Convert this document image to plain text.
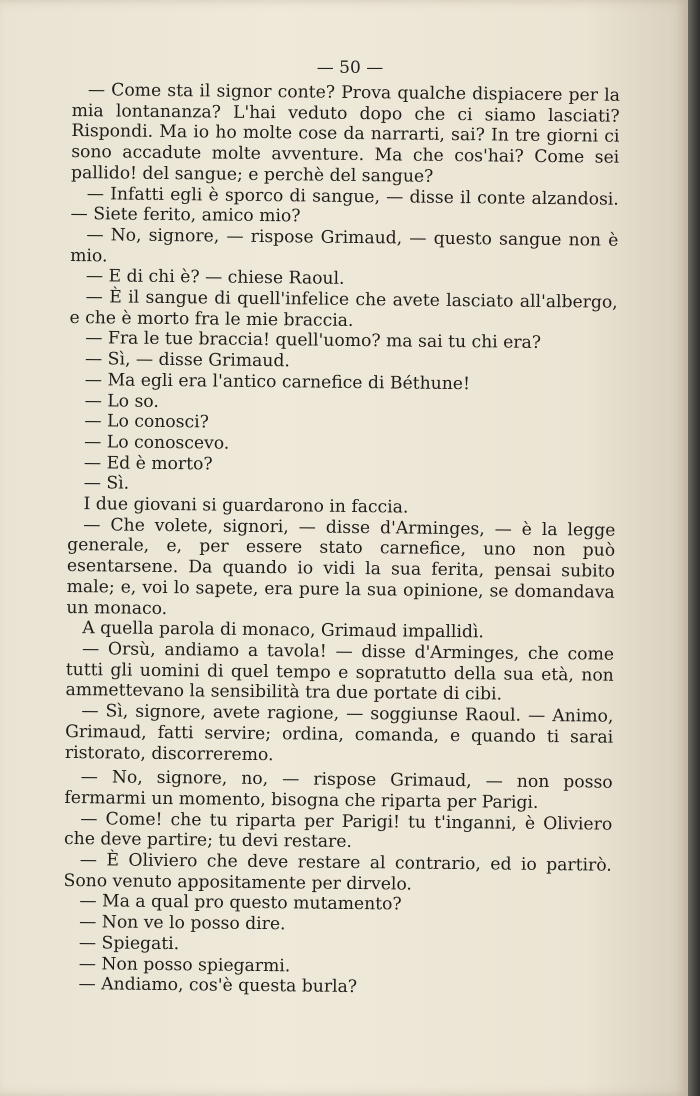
— 50 —

— Come sta il signor conte? Prova qualche dispiacere per la mia lontananza? L'hai veduto dopo che ci siamo lasciati? Rispondi. Ma io ho molte cose da narrarti, sai? In tre giorni ci sono accadute molte avventure. Ma che cos'hai? Come sei pallido! del sangue; e perchè del sangue?

— Infatti egli è sporco di sangue, — disse il conte alzandosi. — Siete ferito, amico mio?

— No, signore, — rispose Grimaud, — questo sangue non è mio.

— E di chi è? — chiese Raoul.

— È il sangue di quell'infelice che avete lasciato all'albergo, e che è morto fra le mie braccia.

— Fra le tue braccia! quell'uomo? ma sai tu chi era?

— Sì, — disse Grimaud.

— Ma egli era l'antico carnefice di Béthune!

— Lo so.

— Lo conosci?

— Lo conoscevo.

— Ed è morto?

— Sì.

I due giovani si guardarono in faccia.

— Che volete, signori, — disse d'Arminges, — è la legge generale, e, per essere stato carnefice, uno non può esentarsene. Da quando io vidi la sua ferita, pensai subito male; e, voi lo sapete, era pure la sua opinione, se domandava un monaco.

A quella parola di monaco, Grimaud impallidì.

— Orsù, andiamo a tavola! — disse d'Arminges, che come tutti gli uomini di quel tempo e sopratutto della sua età, non ammettevano la sensibilità tra due portate di cibi.

— Sì, signore, avete ragione, — soggiunse Raoul. — Animo, Grimaud, fatti servire; ordina, comanda, e quando ti sarai ristorato, discorreremo.

— No, signore, no, — rispose Grimaud, — non posso fermarmi un momento, bisogna che riparta per Parigi.

— Come! che tu riparta per Parigi! tu t'inganni, è Oliviero che deve partire; tu devi restare.

— È Oliviero che deve restare al contrario, ed io partirò. Sono venuto appositamente per dirvelo.

— Ma a qual pro questo mutamento?

— Non ve lo posso dire.

— Spiegati.

— Non posso spiegarmi.

— Andiamo, cos'è questa burla?
